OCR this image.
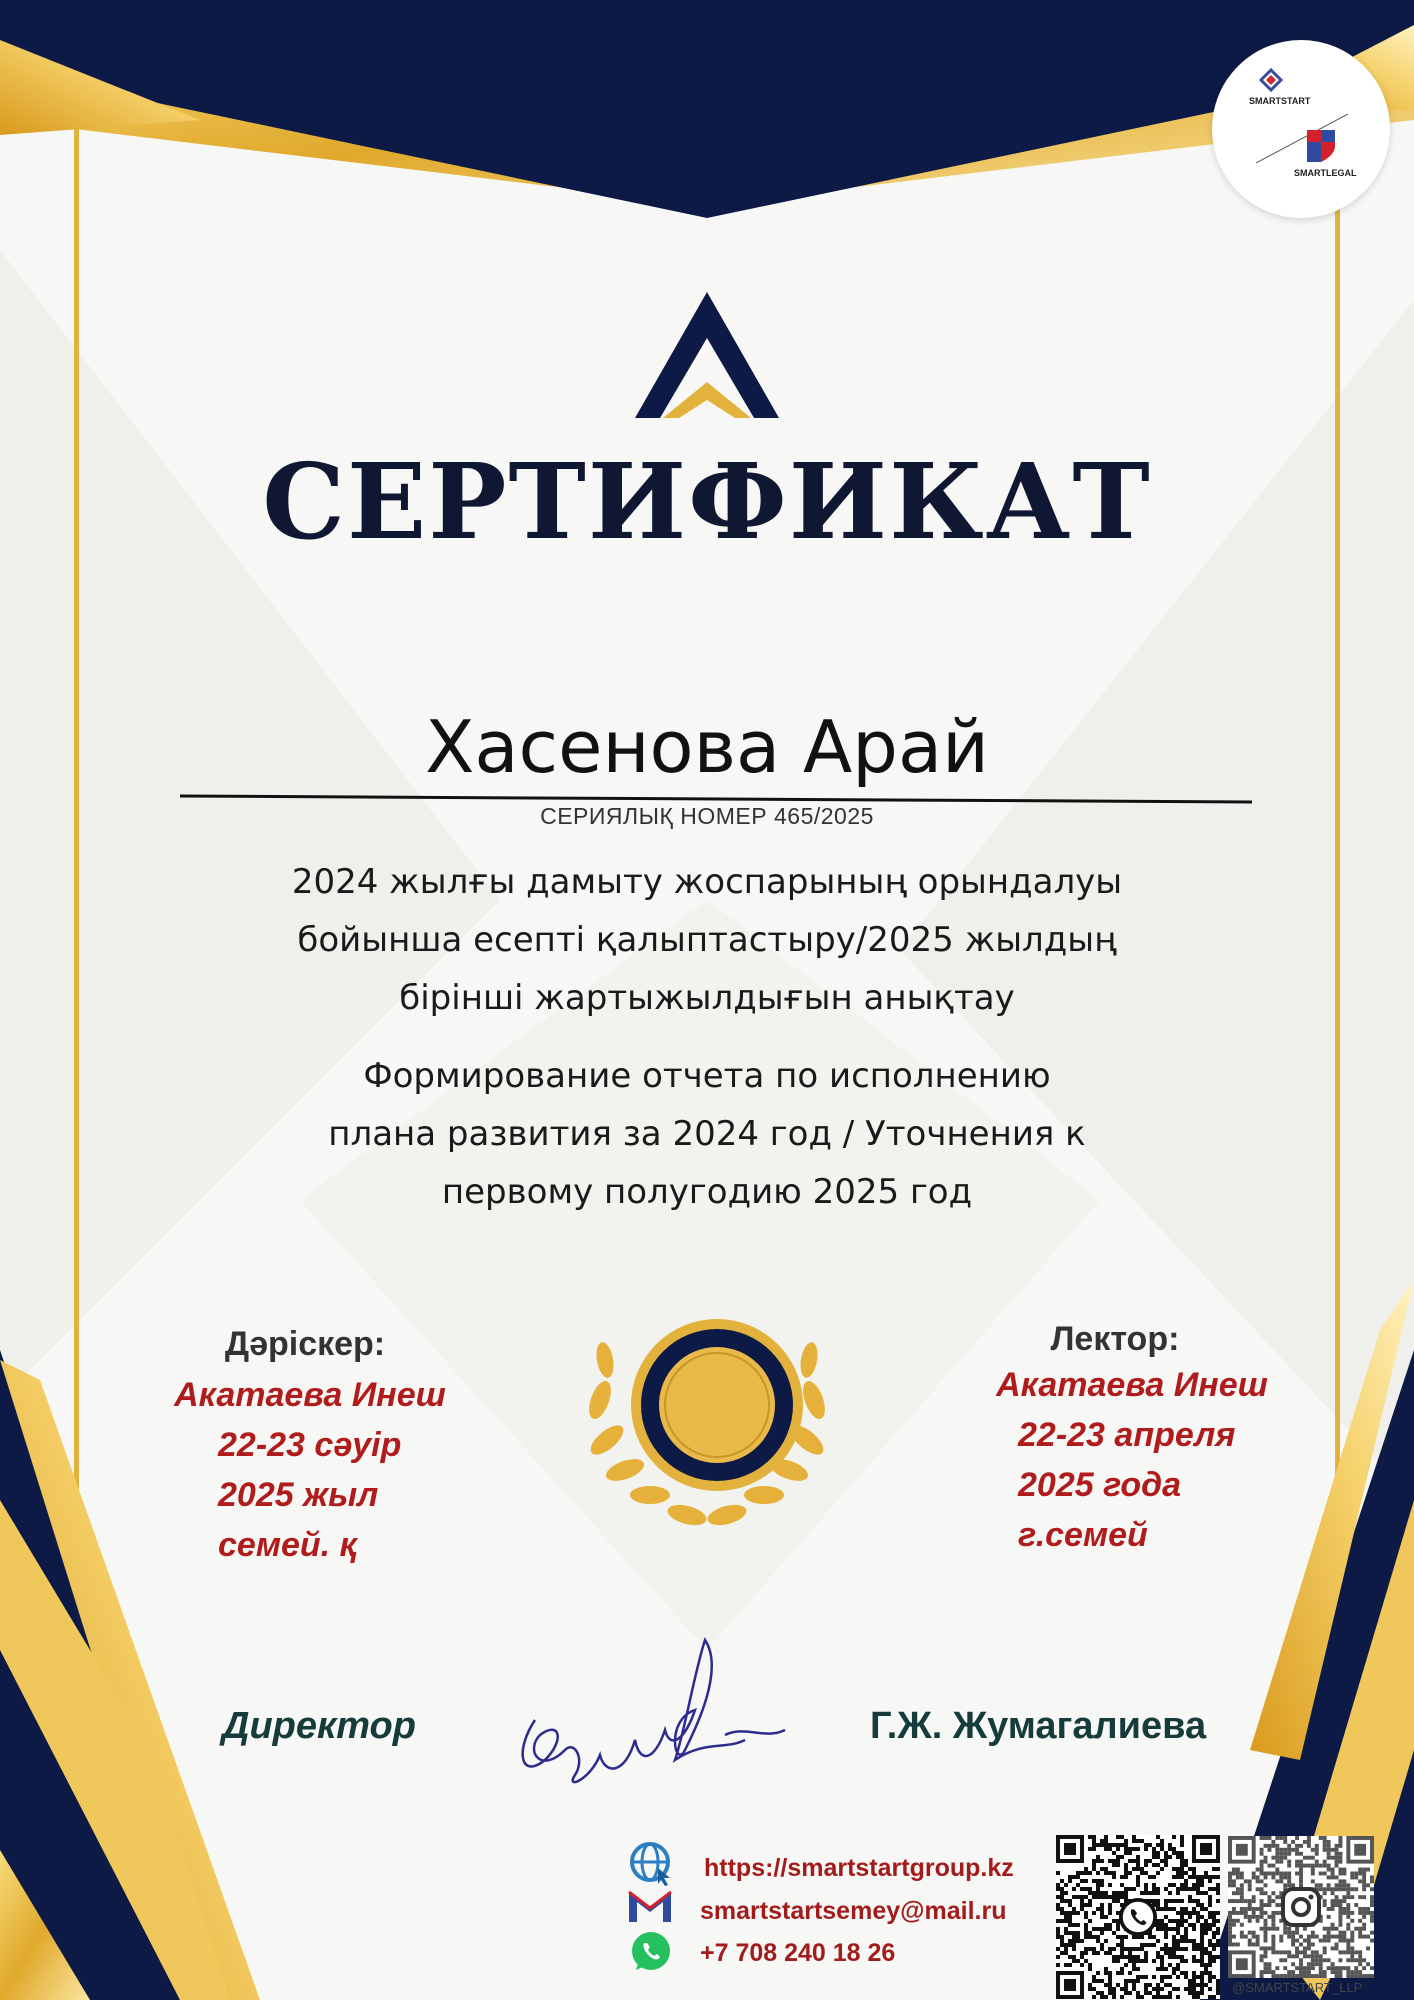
SMARTSTART
SMARTLEGAL
СЕРТИФИКАТ
Хасенова Арай
СЕРИЯЛЫҚ НОМЕР 465/2025
2024 жылғы дамыту жоспарының орындалуы
бойынша есепті қалыптастыру/2025 жылдың
бірінші жартыжылдығын анықтау
Формирование отчета по исполнению
плана развития за 2024 год / Уточнения к
первому полугодию 2025 год
Дәріскер:
Акатаева Инеш
22-23 сәуір
2025 жыл
семей. қ
Лектор:
Акатаева Инеш
22-23 апреля
2025 года
г.семей
Директор	Г.Ж. Жумагалиева
https://smartstartgroup.kz
smartstartsemey@mail.ru
+7 708 240 18 26
@SMARTSTART_LLP
